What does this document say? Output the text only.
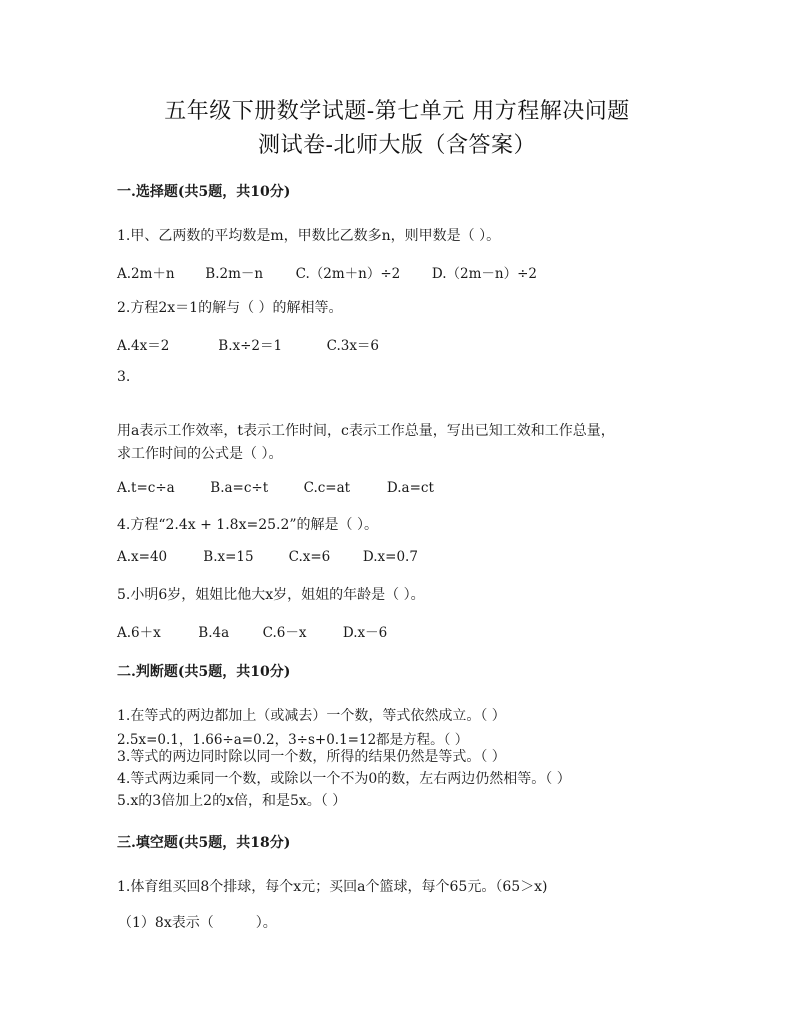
五年级下册数学试题-第七单元 用方程解决问题
测试卷-北师大版（含答案）
一.选择题(共5题，共10分)
1.甲、乙两数的平均数是m，甲数比乙数多n，则甲数是（ ）。
A.2m＋n B.2m－n C.（2m＋n）÷2 D.（2m－n）÷2
2.方程2x＝1的解与（ ）的解相等。
A.4x＝2	B.x÷2＝1	C.3x＝6
3.
用a表示工作效率，t表示工作时间，c表示工作总量，写出已知工效和工作总量，
求工作时间的公式是（ ）。
A.t=c÷a	B.a=c÷t	C.c=at	D.a=ct
4.方程“2.4x + 1.8x=25.2”的解是（ ）。
A.x=40	B.x=15	C.x=6 D.x=0.7
5.小明6岁，姐姐比他大x岁，姐姐的年龄是（ ）。
A.6＋x	B.4a C.6－x	D.x－6
二.判断题(共5题，共10分)
1.在等式的两边都加上（或减去）一个数，等式依然成立。（ ）
2.5x=0.1，1.66÷a=0.2，3÷s+0.1=12都是方程。（ ）
3.等式的两边同时除以同一个数，所得的结果仍然是等式。（ ）
4.等式两边乘同一个数，或除以一个不为0的数，左右两边仍然相等。（ ）
5.x的3倍加上2的x倍，和是5x。（ ）
三.填空题(共5题，共18分)
1.体育组买回8个排球，每个x元；买回a个篮球，每个65元。（65＞x)
（1）8x表示（　　　）。
